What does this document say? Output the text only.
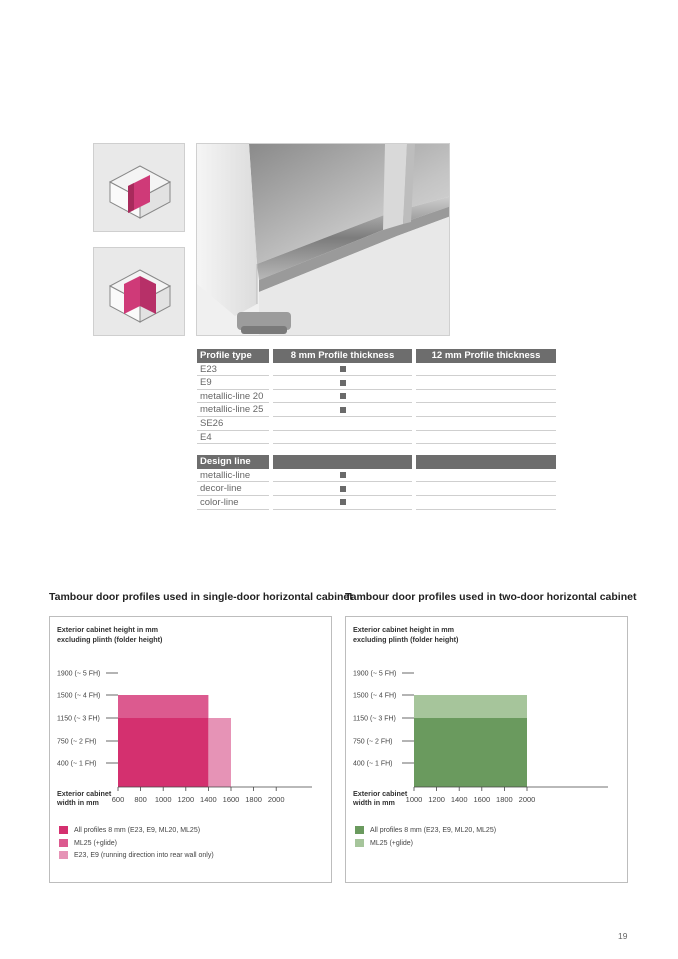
Profile type	8 mm Profile thickness	12 mm Profile thickness
E23
E9
metallic-line 20
metallic-line 25
SE26
E4
Design line
metallic-line
decor-line
color-line
Tambour door profiles used in single-door horizontal cabinet
Exterior cabinet height in mm excluding plinth (folder height)
Exterior cabinet width in mm
400 (~ 1 FH)
750 (~ 2 FH)
1150 (~ 3 FH)
1500 (~ 4 FH)
1900 (~ 5 FH)
600 800 1000 1200 1400 1600 1800 2000
All profiles 8 mm (E23, E9, ML20, ML25)
ML25 (+glide)
E23, E9 (running direction into rear wall only)
Tambour door profiles used in two-door horizontal cabinet
Exterior cabinet height in mm excluding plinth (folder height)
Exterior cabinet width in mm
400 (~ 1 FH)
750 (~ 2 FH)
1150 (~ 3 FH)
1500 (~ 4 FH)
1900 (~ 5 FH)
1000 1200 1400 1600 1800 2000
All profiles 8 mm (E23, E9, ML20, ML25)
ML25 (+glide)
19
